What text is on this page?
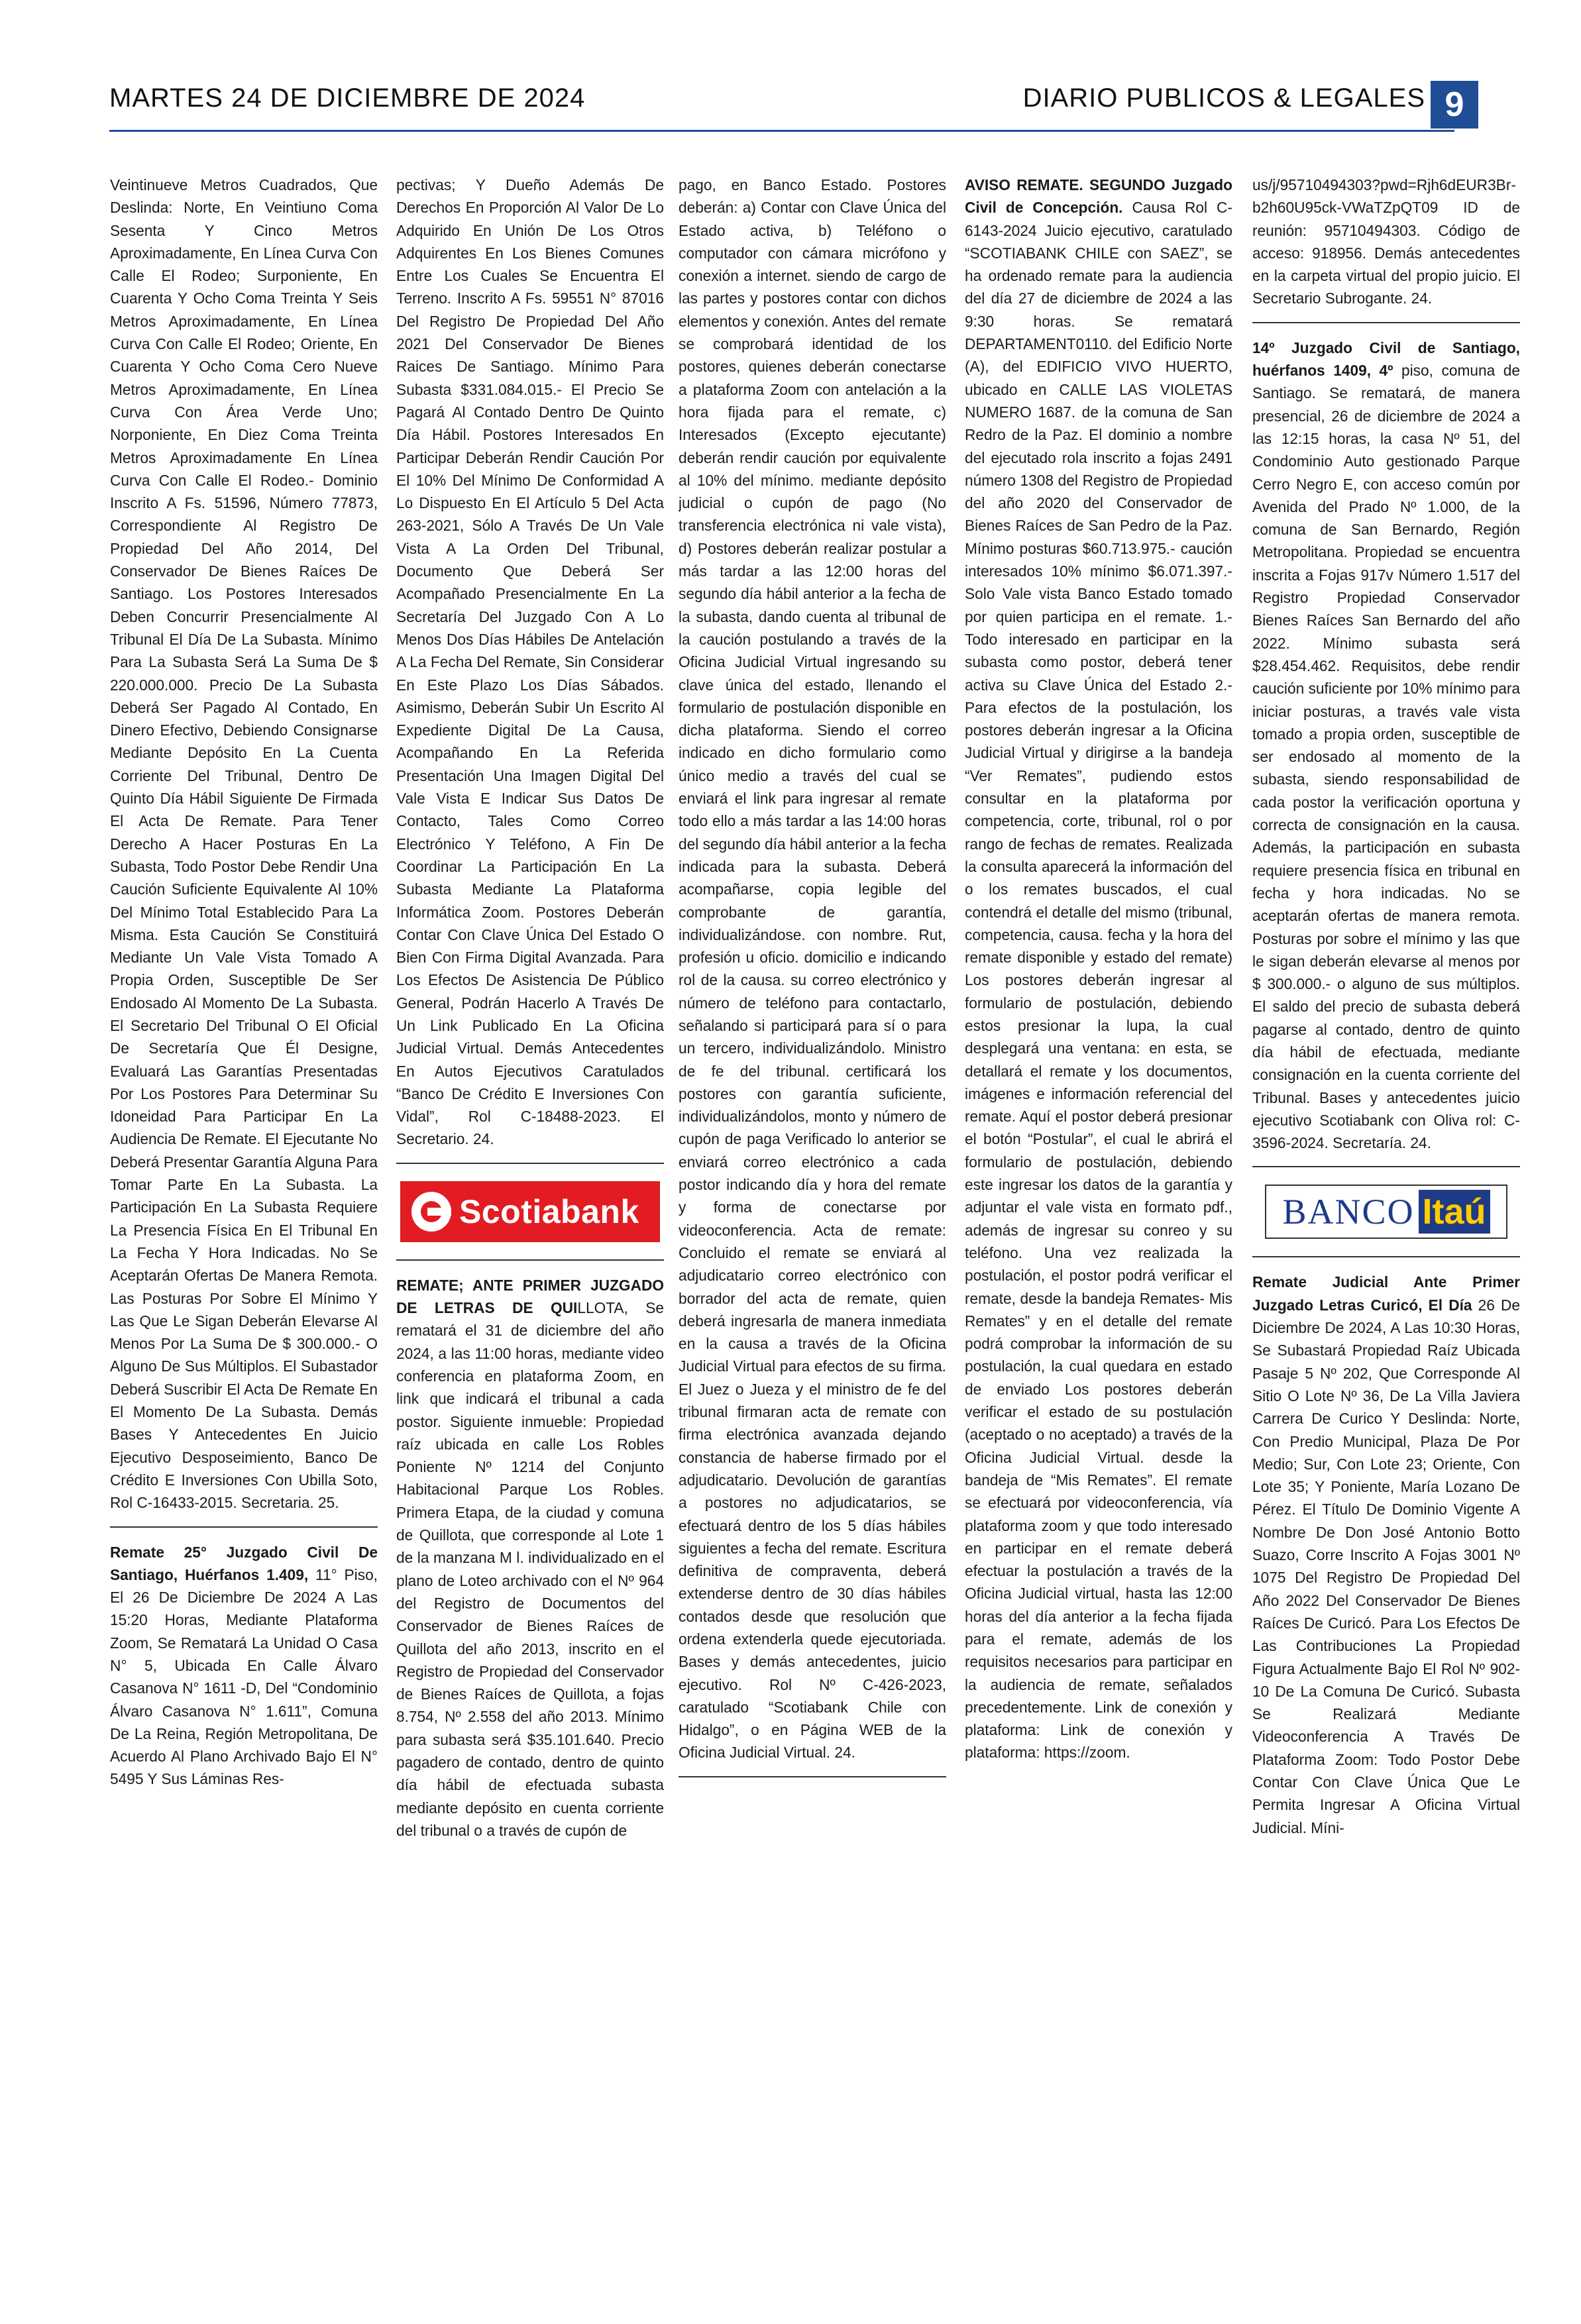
MARTES 24 DE DICIEMBRE DE 2024	DIARIO PUBLICOS & LEGALES 9

Veintinueve Metros Cuadrados, Que Deslinda: Norte, En Veintiuno Coma Sesenta Y Cinco Metros Aproximadamente, En Línea Curva Con Calle El Rodeo; Surponiente, En Cuarenta Y Ocho Coma Treinta Y Seis Metros Aproximadamente, En Línea Curva Con Calle El Rodeo; Oriente, En Cuarenta Y Ocho Coma Cero Nueve Metros Aproximadamente, En Línea Curva Con Área Verde Uno; Norponiente, En Diez Coma Treinta Metros Aproximadamente En Línea Curva Con Calle El Rodeo.- Dominio Inscrito A Fs. 51596, Número 77873, Correspondiente Al Registro De Propiedad Del Año 2014, Del Conservador De Bienes Raíces De Santiago. Los Postores Interesados Deben Concurrir Presencialmente Al Tribunal El Día De La Subasta. Mínimo Para La Subasta Será La Suma De $ 220.000.000. Precio De La Subasta Deberá Ser Pagado Al Contado, En Dinero Efectivo, Debiendo Consignarse Mediante Depósito En La Cuenta Corriente Del Tribunal, Dentro De Quinto Día Hábil Siguiente De Firmada El Acta De Remate. Para Tener Derecho A Hacer Posturas En La Subasta, Todo Postor Debe Rendir Una Caución Suficiente Equivalente Al 10% Del Mínimo Total Establecido Para La Misma. Esta Caución Se Constituirá Mediante Un Vale Vista Tomado A Propia Orden, Susceptible De Ser Endosado Al Momento De La Subasta. El Secretario Del Tribunal O El Oficial De Secretaría Que Él Designe, Evaluará Las Garantías Presentadas Por Los Postores Para Determinar Su Idoneidad Para Participar En La Audiencia De Remate. El Ejecutante No Deberá Presentar Garantía Alguna Para Tomar Parte En La Subasta. La Participación En La Subasta Requiere La Presencia Física En El Tribunal En La Fecha Y Hora Indicadas. No Se Aceptarán Ofertas De Manera Remota. Las Posturas Por Sobre El Mínimo Y Las Que Le Sigan Deberán Elevarse Al Menos Por La Suma De $ 300.000.- O Alguno De Sus Múltiplos. El Subastador Deberá Suscribir El Acta De Remate En El Momento De La Subasta. Demás Bases Y Antecedentes En Juicio Ejecutivo Desposeimiento, Banco De Crédito E Inversiones Con Ubilla Soto, Rol C-16433-2015. Secretaria. 25.

Remate 25° Juzgado Civil De Santiago, Huérfanos 1.409, 11° Piso, El 26 De Diciembre De 2024 A Las 15:20 Horas, Mediante Plataforma Zoom, Se Rematará La Unidad O Casa N° 5, Ubicada En Calle Álvaro Casanova N° 1611 -D, Del “Condominio Álvaro Casanova N° 1.611”, Comuna De La Reina, Región Metropolitana, De Acuerdo Al Plano Archivado Bajo El N° 5495 Y Sus Láminas Res-

pectivas; Y Dueño Además De Derechos En Proporción Al Valor De Lo Adquirido En Unión De Los Otros Adquirentes En Los Bienes Comunes Entre Los Cuales Se Encuentra El Terreno. Inscrito A Fs. 59551 N° 87016 Del Registro De Propiedad Del Año 2021 Del Conservador De Bienes Raices De Santiago. Mínimo Para Subasta $331.084.015.- El Precio Se Pagará Al Contado Dentro De Quinto Día Hábil. Postores Interesados En Participar Deberán Rendir Caución Por El 10% Del Mínimo De Conformidad A Lo Dispuesto En El Artículo 5 Del Acta 263-2021, Sólo A Través De Un Vale Vista A La Orden Del Tribunal, Documento Que Deberá Ser Acompañado Presencialmente En La Secretaría Del Juzgado Con A Lo Menos Dos Días Hábiles De Antelación A La Fecha Del Remate, Sin Considerar En Este Plazo Los Días Sábados. Asimismo, Deberán Subir Un Escrito Al Expediente Digital De La Causa, Acompañando En La Referida Presentación Una Imagen Digital Del Vale Vista E Indicar Sus Datos De Contacto, Tales Como Correo Electrónico Y Teléfono, A Fin De Coordinar La Participación En La Subasta Mediante La Plataforma Informática Zoom. Postores Deberán Contar Con Clave Única Del Estado O Bien Con Firma Digital Avanzada. Para Los Efectos De Asistencia De Público General, Podrán Hacerlo A Través De Un Link Publicado En La Oficina Judicial Virtual. Demás Antecedentes En Autos Ejecutivos Caratulados “Banco De Crédito E Inversiones Con Vidal”, Rol C-18488-2023. El Secretario. 24.

Scotiabank

REMATE; ANTE PRIMER JUZGADO DE LETRAS DE QUILLOTA, Se rematará el 31 de diciembre del año 2024, a las 11:00 horas, mediante video conferencia en plataforma Zoom, en link que indicará el tribunal a cada postor. Siguiente inmueble: Propiedad raíz ubicada en calle Los Robles Poniente Nº 1214 del Conjunto Habitacional Parque Los Robles. Primera Etapa, de la ciudad y comuna de Quillota, que corresponde al Lote 1 de la manzana M l. individualizado en el plano de Loteo archivado con el Nº 964 del Registro de Documentos del Conservador de Bienes Raíces de Quillota del año 2013, inscrito en el Registro de Propiedad del Conservador de Bienes Raíces de Quillota, a fojas 8.754, Nº 2.558 del año 2013. Mínimo para subasta será $35.101.640. Precio pagadero de contado, dentro de quinto día hábil de efectuada subasta mediante depósito en cuenta corriente del tribunal o a través de cupón de

pago, en Banco Estado. Postores deberán: a) Contar con Clave Única del Estado activa, b) Teléfono o computador con cámara micrófono y conexión a internet. siendo de cargo de las partes y postores contar con dichos elementos y conexión. Antes del remate se comprobará identidad de los postores, quienes deberán conectarse a plataforma Zoom con antelación a la hora fijada para el remate, c) Interesados (Excepto ejecutante) deberán rendir caución por equivalente al 10% del mínimo. mediante depósito judicial o cupón de pago (No transferencia electrónica ni vale vista), d) Postores deberán realizar postular a más tardar a las 12:00 horas del segundo día hábil anterior a la fecha de la subasta, dando cuenta al tribunal de la caución postulando a través de la Oficina Judicial Virtual ingresando su clave única del estado, llenando el formulario de postulación disponible en dicha plataforma. Siendo el correo indicado en dicho formulario como único medio a través del cual se enviará el link para ingresar al remate todo ello a más tardar a las 14:00 horas del segundo día hábil anterior a la fecha indicada para la subasta. Deberá acompañarse, copia legible del comprobante de garantía, individualizándose. con nombre. Rut, profesión u oficio. domicilio e indicando rol de la causa. su correo electrónico y número de teléfono para contactarlo, señalando si participará para sí o para un tercero, individualizándolo. Ministro de fe del tribunal. certificará los postores con garantía suficiente, individualizándolos, monto y número de cupón de paga Verificado lo anterior se enviará correo electrónico a cada postor indicando día y hora del remate y forma de conectarse por videoconferencia. Acta de remate: Concluido el remate se enviará al adjudicatario correo electrónico con borrador del acta de remate, quien deberá ingresarla de manera inmediata en la causa a través de la Oficina Judicial Virtual para efectos de su firma. El Juez o Jueza y el ministro de fe del tribunal firmaran acta de remate con firma electrónica avanzada dejando constancia de haberse firmado por el adjudicatario. Devolución de garantías a postores no adjudicatarios, se efectuará dentro de los 5 días hábiles siguientes a fecha del remate. Escritura definitiva de compraventa, deberá extenderse dentro de 30 días hábiles contados desde que resolución que ordena extenderla quede ejecutoriada. Bases y demás antecedentes, juicio ejecutivo. Rol Nº C-426-2023, caratulado “Scotiabank Chile con Hidalgo”, o en Página WEB de la Oficina Judicial Virtual. 24.

AVISO REMATE. SEGUNDO Juzgado Civil de Concepción. Causa Rol C-6143-2024 Juicio ejecutivo, caratulado “SCOTIABANK CHILE con SAEZ”, se ha ordenado remate para la audiencia del día 27 de diciembre de 2024 a las 9:30 horas. Se rematará DEPARTAMENT0110. del Edificio Norte (A), del EDIFICIO VIVO HUERTO, ubicado en CALLE LAS VIOLETAS NUMERO 1687. de la comuna de San Redro de la Paz. El dominio a nombre del ejecutado rola inscrito a fojas 2491 número 1308 del Registro de Propiedad del año 2020 del Conservador de Bienes Raíces de San Pedro de la Paz. Mínimo posturas $60.713.975.- caución interesados 10% mínimo $6.071.397.- Solo Vale vista Banco Estado tomado por quien participa en el remate. 1.- Todo interesado en participar en la subasta como postor, deberá tener activa su Clave Única del Estado 2.- Para efectos de la postulación, los postores deberán ingresar a la Oficina Judicial Virtual y dirigirse a la bandeja “Ver Remates”, pudiendo estos consultar en la plataforma por competencia, corte, tribunal, rol o por rango de fechas de remates. Realizada la consulta aparecerá la información del o los remates buscados, el cual contendrá el detalle del mismo (tribunal, competencia, causa. fecha y la hora del remate disponible y estado del remate) Los postores deberán ingresar al formulario de postulación, debiendo estos presionar la lupa, la cual desplegará una ventana: en esta, se detallará el remate y los documentos, imágenes e información referencial del remate. Aquí el postor deberá presionar el botón “Postular”, el cual le abrirá el formulario de postulación, debiendo este ingresar los datos de la garantía y adjuntar el vale vista en formato pdf., además de ingresar su conreo y su teléfono. Una vez realizada la postulación, el postor podrá verificar el remate, desde la bandeja Remates- Mis Remates” y en el detalle del remate podrá comprobar la información de su postulación, la cual quedara en estado de enviado Los postores deberán verificar el estado de su postulación (aceptado o no aceptado) a través de la Oficina Judicial Virtual. desde la bandeja de “Mis Remates”. El remate se efectuará por videoconferencia, vía plataforma zoom y que todo interesado en participar en el remate deberá efectuar la postulación a través de la Oficina Judicial virtual, hasta las 12:00 horas del día anterior a la fecha fijada para el remate, además de los requisitos necesarios para participar en la audiencia de remate, señalados precedentemente. Link de conexión y plataforma: Link de conexión y plataforma: https://zoom.

us/j/95710494303?pwd=Rjh6dEUR3Br-b2h60U95ck-VWaTZpQT09 ID de reunión: 95710494303. Código de acceso: 918956. Demás antecedentes en la carpeta virtual del propio juicio. El Secretario Subrogante. 24.

14º Juzgado Civil de Santiago, huérfanos 1409, 4º piso, comuna de Santiago. Se rematará, de manera presencial, 26 de diciembre de 2024 a las 12:15 horas, la casa Nº 51, del Condominio Auto gestionado Parque Cerro Negro E, con acceso común por Avenida del Prado Nº 1.000, de la comuna de San Bernardo, Región Metropolitana. Propiedad se encuentra inscrita a Fojas 917v Número 1.517 del Registro Propiedad Conservador Bienes Raíces San Bernardo del año 2022. Mínimo subasta será $28.454.462. Requisitos, debe rendir caución suficiente por 10% mínimo para iniciar posturas, a través vale vista tomado a propia orden, susceptible de ser endosado al momento de la subasta, siendo responsabilidad de cada postor la verificación oportuna y correcta de consignación en la causa. Además, la participación en subasta requiere presencia física en tribunal en fecha y hora indicadas. No se aceptarán ofertas de manera remota. Posturas por sobre el mínimo y las que le sigan deberán elevarse al menos por $ 300.000.- o alguno de sus múltiplos. El saldo del precio de subasta deberá pagarse al contado, dentro de quinto día hábil de efectuada, mediante consignación en la cuenta corriente del Tribunal. Bases y antecedentes juicio ejecutivo Scotiabank con Oliva rol: C-3596-2024. Secretaría. 24.

BANCO Itaú

Remate Judicial Ante Primer Juzgado Letras Curicó, El Día 26 De Diciembre De 2024, A Las 10:30 Horas, Se Subastará Propiedad Raíz Ubicada Pasaje 5 Nº 202, Que Corresponde Al Sitio O Lote Nº 36, De La Villa Javiera Carrera De Curico Y Deslinda: Norte, Con Predio Municipal, Plaza De Por Medio; Sur, Con Lote 23; Oriente, Con Lote 35; Y Poniente, María Lozano De Pérez. El Título De Dominio Vigente A Nombre De Don José Antonio Botto Suazo, Corre Inscrito A Fojas 3001 Nº 1075 Del Registro De Propiedad Del Año 2022 Del Conservador De Bienes Raíces De Curicó. Para Los Efectos De Las Contribuciones La Propiedad Figura Actualmente Bajo El Rol Nº 902-10 De La Comuna De Curicó. Subasta Se Realizará Mediante Videoconferencia A Través De Plataforma Zoom: Todo Postor Debe Contar Con Clave Única Que Le Permita Ingresar A Oficina Virtual Judicial. Míni-
